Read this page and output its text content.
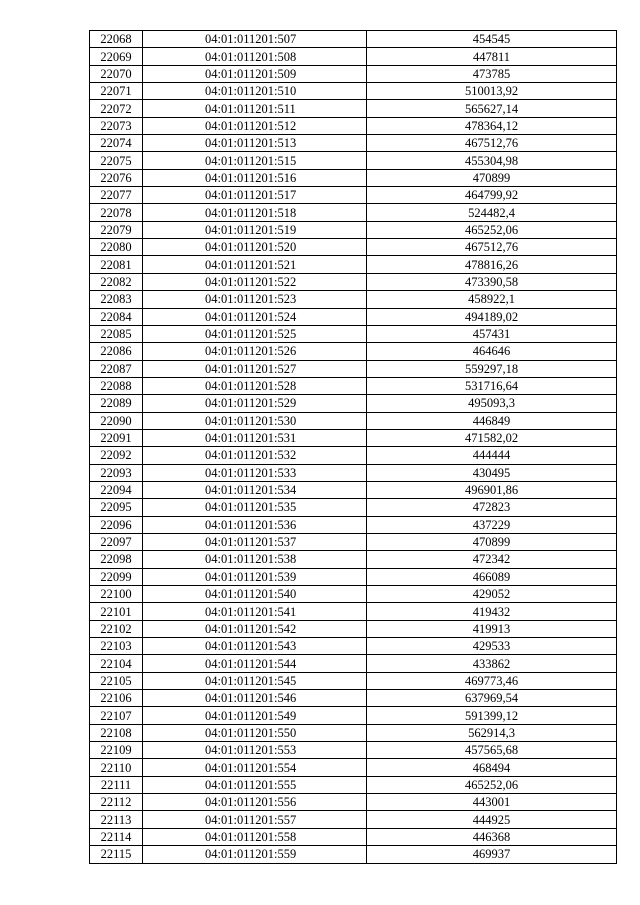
22068	04:01:011201:507	454545
22069	04:01:011201:508	447811
22070	04:01:011201:509	473785
22071	04:01:011201:510	510013,92
22072	04:01:011201:511	565627,14
22073	04:01:011201:512	478364,12
22074	04:01:011201:513	467512,76
22075	04:01:011201:515	455304,98
22076	04:01:011201:516	470899
22077	04:01:011201:517	464799,92
22078	04:01:011201:518	524482,4
22079	04:01:011201:519	465252,06
22080	04:01:011201:520	467512,76
22081	04:01:011201:521	478816,26
22082	04:01:011201:522	473390,58
22083	04:01:011201:523	458922,1
22084	04:01:011201:524	494189,02
22085	04:01:011201:525	457431
22086	04:01:011201:526	464646
22087	04:01:011201:527	559297,18
22088	04:01:011201:528	531716,64
22089	04:01:011201:529	495093,3
22090	04:01:011201:530	446849
22091	04:01:011201:531	471582,02
22092	04:01:011201:532	444444
22093	04:01:011201:533	430495
22094	04:01:011201:534	496901,86
22095	04:01:011201:535	472823
22096	04:01:011201:536	437229
22097	04:01:011201:537	470899
22098	04:01:011201:538	472342
22099	04:01:011201:539	466089
22100	04:01:011201:540	429052
22101	04:01:011201:541	419432
22102	04:01:011201:542	419913
22103	04:01:011201:543	429533
22104	04:01:011201:544	433862
22105	04:01:011201:545	469773,46
22106	04:01:011201:546	637969,54
22107	04:01:011201:549	591399,12
22108	04:01:011201:550	562914,3
22109	04:01:011201:553	457565,68
22110	04:01:011201:554	468494
22111	04:01:011201:555	465252,06
22112	04:01:011201:556	443001
22113	04:01:011201:557	444925
22114	04:01:011201:558	446368
22115	04:01:011201:559	469937
